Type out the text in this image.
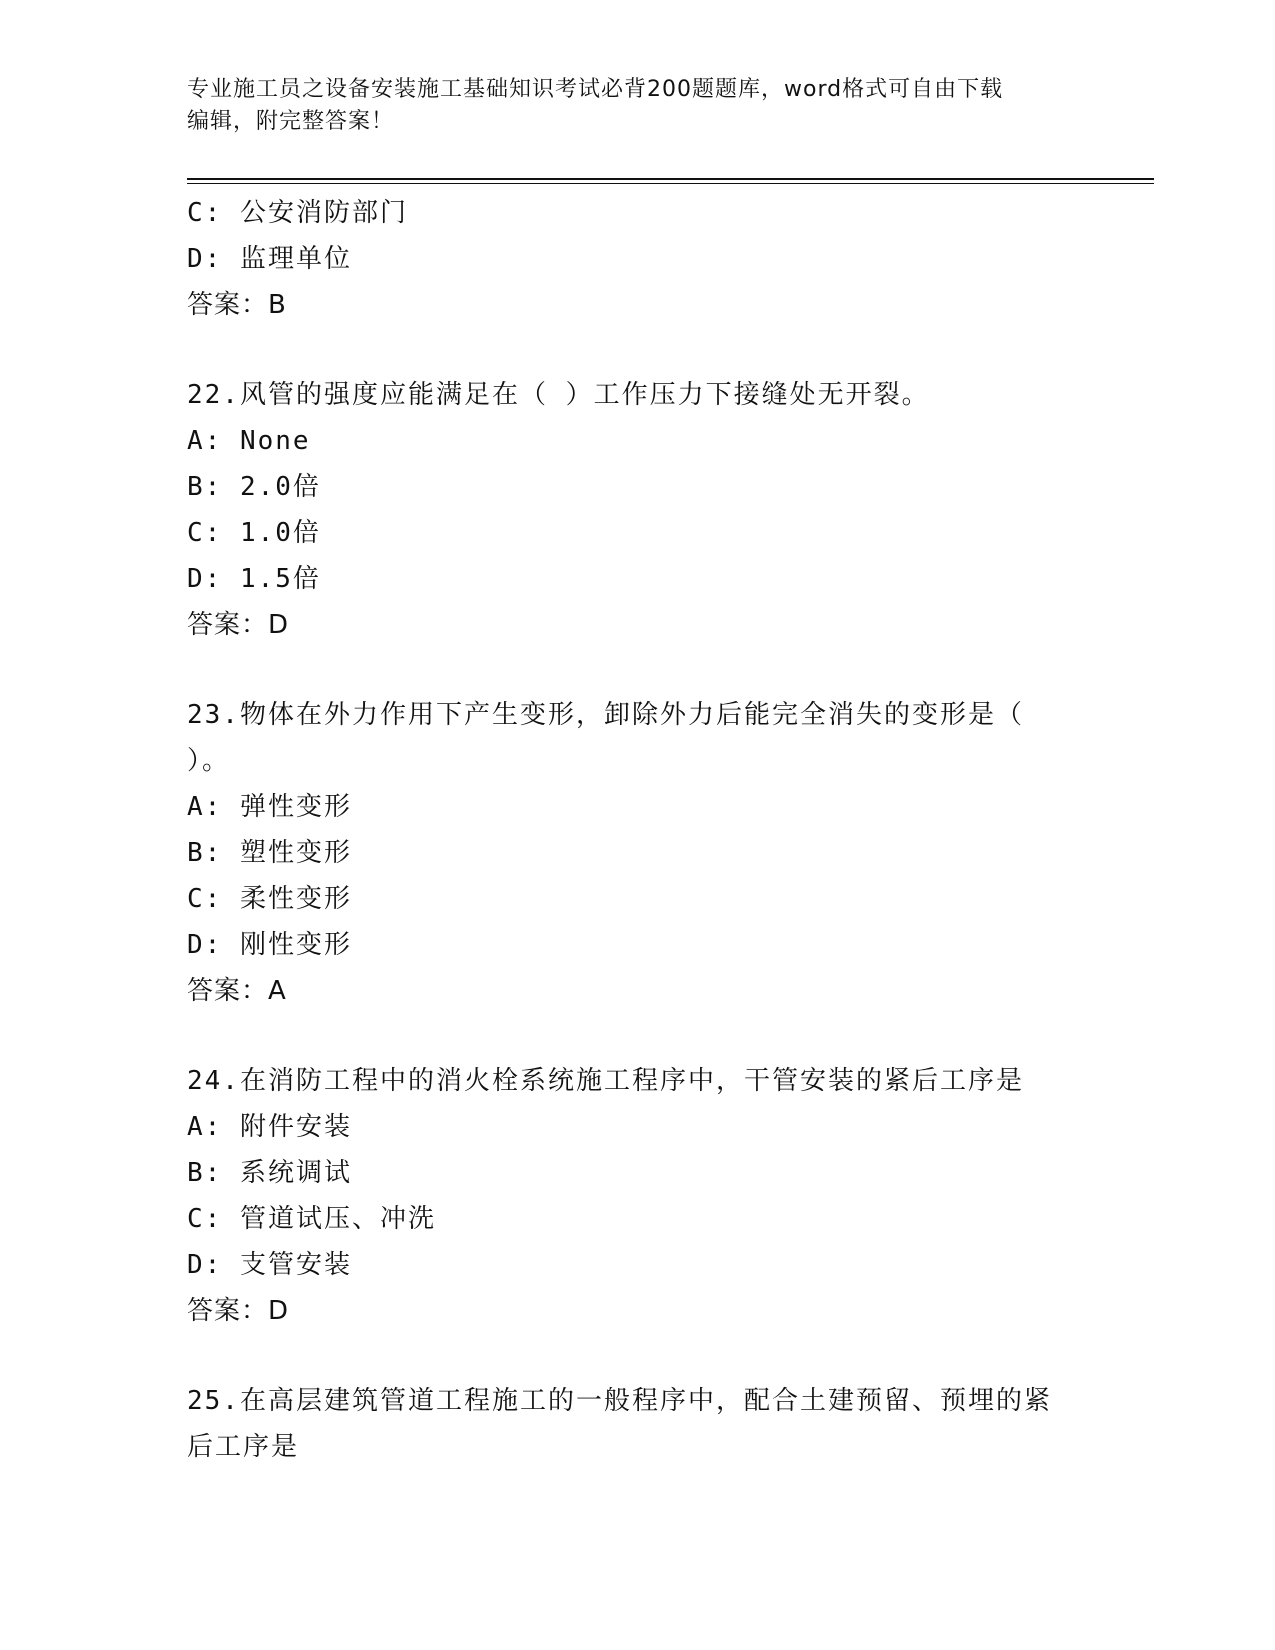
专业施工员之设备安装施工基础知识考试必背200题题库，word格式可自由下载
编辑，附完整答案！
C: 公安消防部门
D: 监理单位
答案：B
22.风管的强度应能满足在（ ）工作压力下接缝处无开裂。
A: None
B: 2.0倍
C: 1.0倍
D: 1.5倍
答案：D
23.物体在外力作用下产生变形，卸除外力后能完全消失的变形是（
）。
A: 弹性变形
B: 塑性变形
C: 柔性变形
D: 刚性变形
答案：A
24.在消防工程中的消火栓系统施工程序中，干管安装的紧后工序是
A: 附件安装
B: 系统调试
C: 管道试压、冲洗
D: 支管安装
答案：D
25.在高层建筑管道工程施工的一般程序中，配合土建预留、预埋的紧
后工序是
